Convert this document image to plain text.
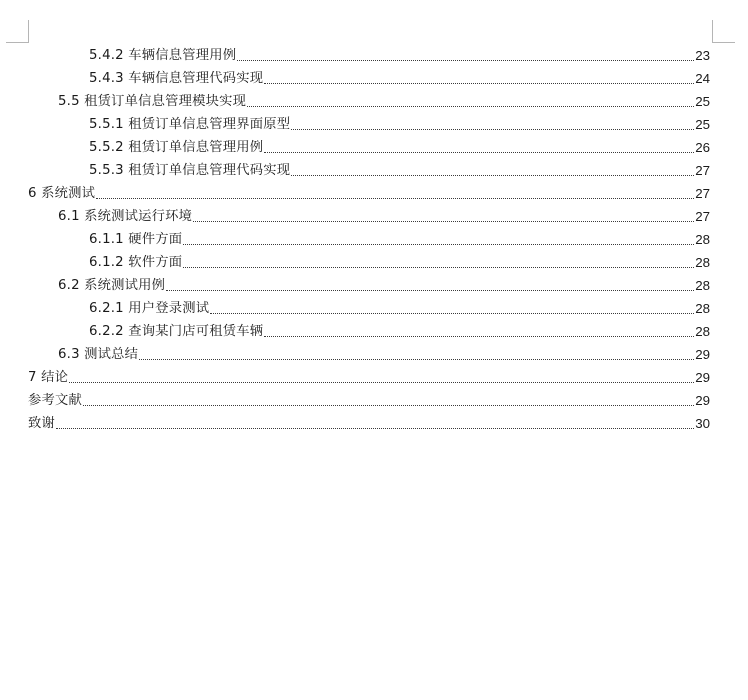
5.4.2 车辆信息管理用例	23
5.4.3 车辆信息管理代码实现	24
5.5 租赁订单信息管理模块实现	25
5.5.1 租赁订单信息管理界面原型	25
5.5.2 租赁订单信息管理用例	26
5.5.3 租赁订单信息管理代码实现	27
6 系统测试	27
6.1 系统测试运行环境	27
6.1.1 硬件方面	28
6.1.2 软件方面	28
6.2 系统测试用例	28
6.2.1 用户登录测试	28
6.2.2 查询某门店可租赁车辆	28
6.3 测试总结	29
7 结论	29
参考文献	29
致谢	30
